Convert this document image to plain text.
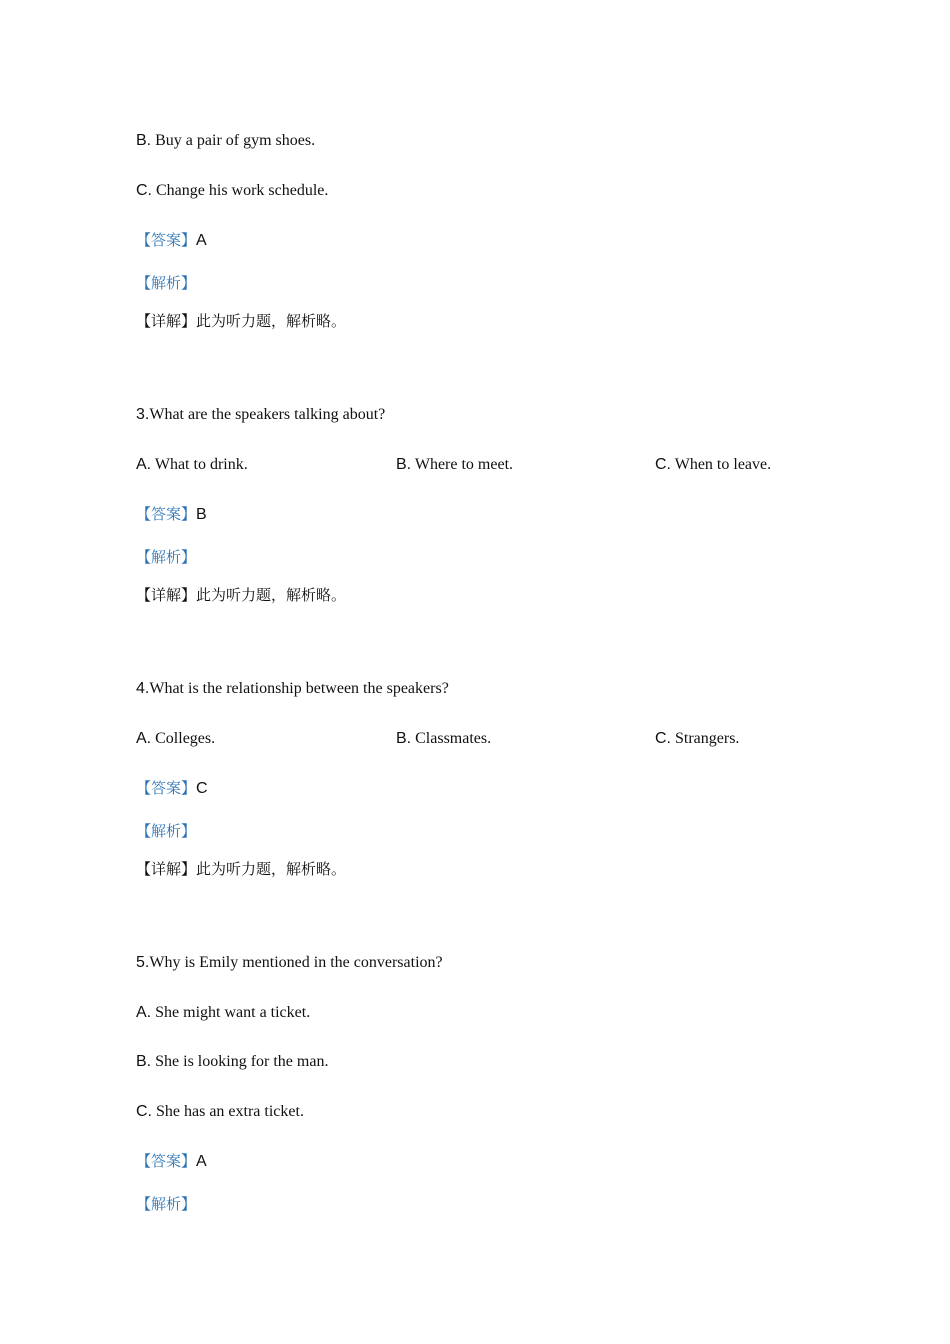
B. Buy a pair of gym shoes.
C. Change his work schedule.
【答案】A
【解析】
【详解】此为听力题，解析略。
3.What are the speakers talking about?
A. What to drink.	B. Where to meet.	C. When to leave.
【答案】B
【解析】
【详解】此为听力题，解析略。
4.What is the relationship between the speakers?
A. Colleges.	B. Classmates.	C. Strangers.
【答案】C
【解析】
【详解】此为听力题，解析略。
5.Why is Emily mentioned in the conversation?
A. She might want a ticket.
B. She is looking for the man.
C. She has an extra ticket.
【答案】A
【解析】
